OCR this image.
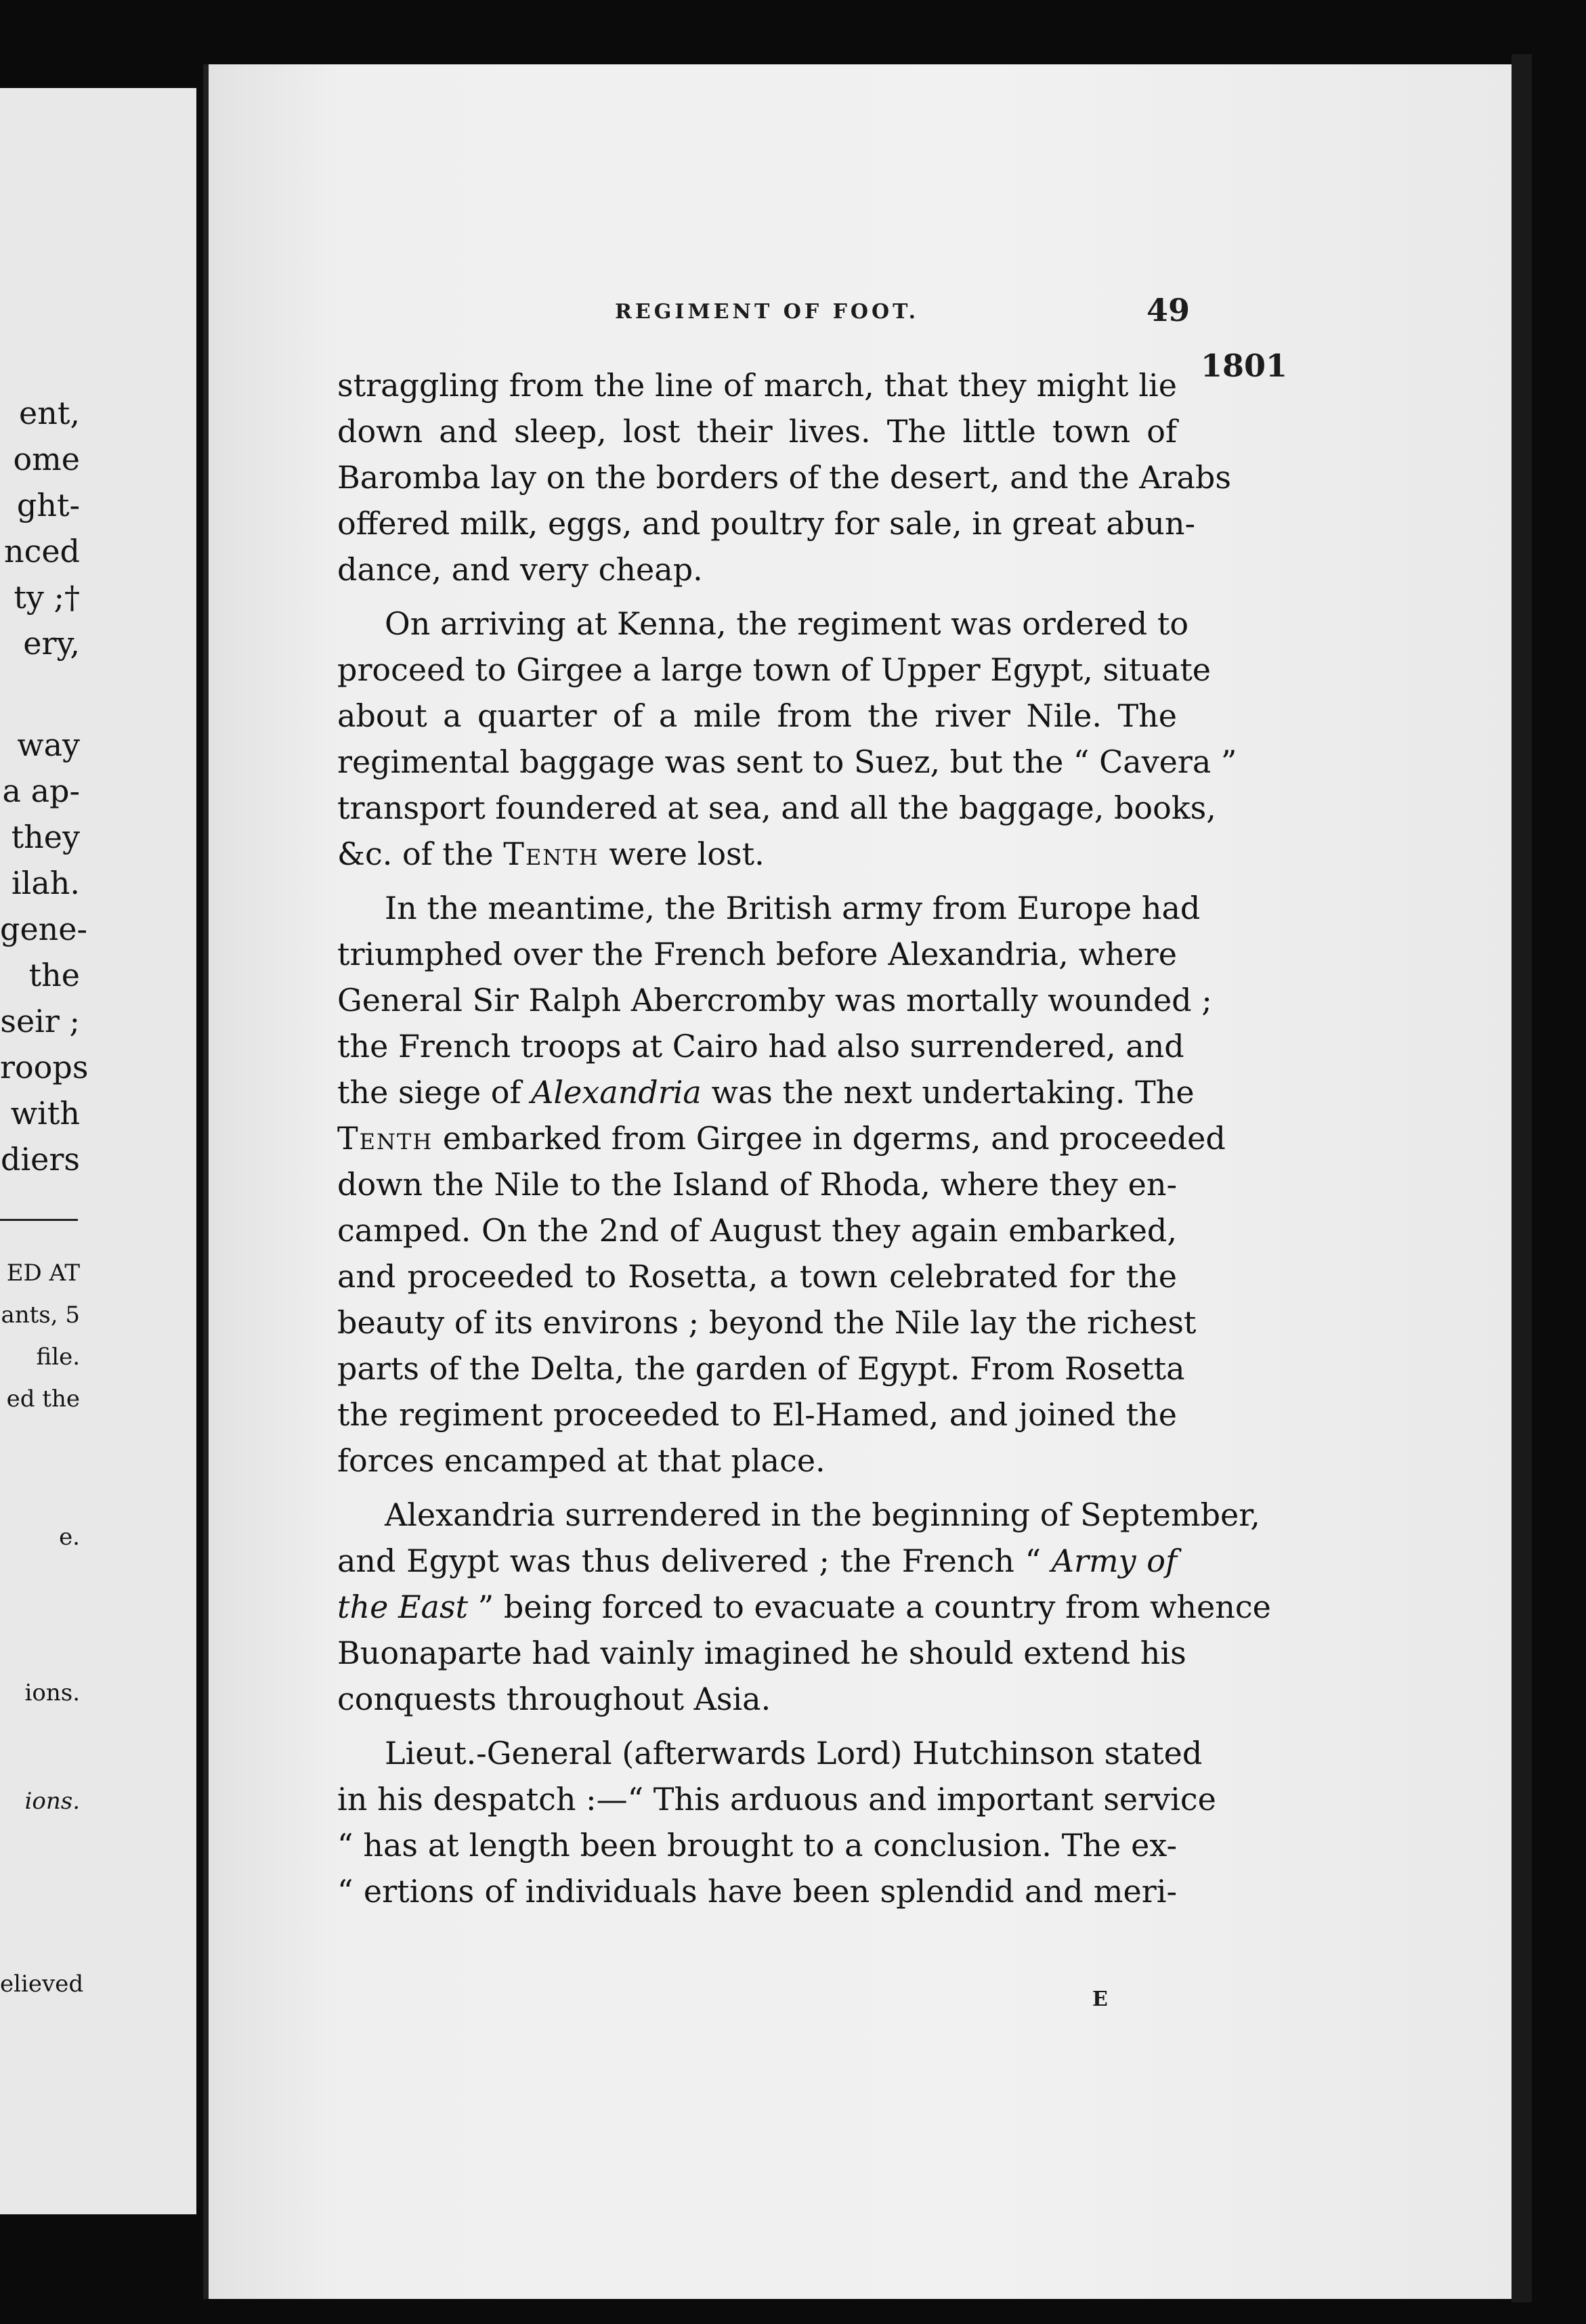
ent,
ome
ght-
nced
ty ;†
ery,
way
a ap-
they
ilah.
gene-
the
seir ;
roops
with
diers
ED AT
ants, 5
file.
ed the
e.
ions.
ions.
elieved
REGIMENT OF FOOT.	49
1801
straggling from the line of march, that they might lie
down and sleep, lost their lives. The little town of
Baromba lay on the borders of the desert, and the Arabs
offered milk, eggs, and poultry for sale, in great abun-
dance, and very cheap.
On arriving at Kenna, the regiment was ordered to
proceed to Girgee a large town of Upper Egypt, situate
about a quarter of a mile from the river Nile. The
regimental baggage was sent to Suez, but the “ Cavera ”
transport foundered at sea, and all the baggage, books,
&c. of the Tenth were lost.
In the meantime, the British army from Europe had
triumphed over the French before Alexandria, where
General Sir Ralph Abercromby was mortally wounded ;
the French troops at Cairo had also surrendered, and
the siege of Alexandria was the next undertaking. The
Tenth embarked from Girgee in dgerms, and proceeded
down the Nile to the Island of Rhoda, where they en-
camped. On the 2nd of August they again embarked,
and proceeded to Rosetta, a town celebrated for the
beauty of its environs ; beyond the Nile lay the richest
parts of the Delta, the garden of Egypt. From Rosetta
the regiment proceeded to El-Hamed, and joined the
forces encamped at that place.
Alexandria surrendered in the beginning of September,
and Egypt was thus delivered ; the French “ Army of
the East ” being forced to evacuate a country from whence
Buonaparte had vainly imagined he should extend his
conquests throughout Asia.
Lieut.-General (afterwards Lord) Hutchinson stated
in his despatch :—“ This arduous and important service
“ has at length been brought to a conclusion. The ex-
“ ertions of individuals have been splendid and meri-
E
